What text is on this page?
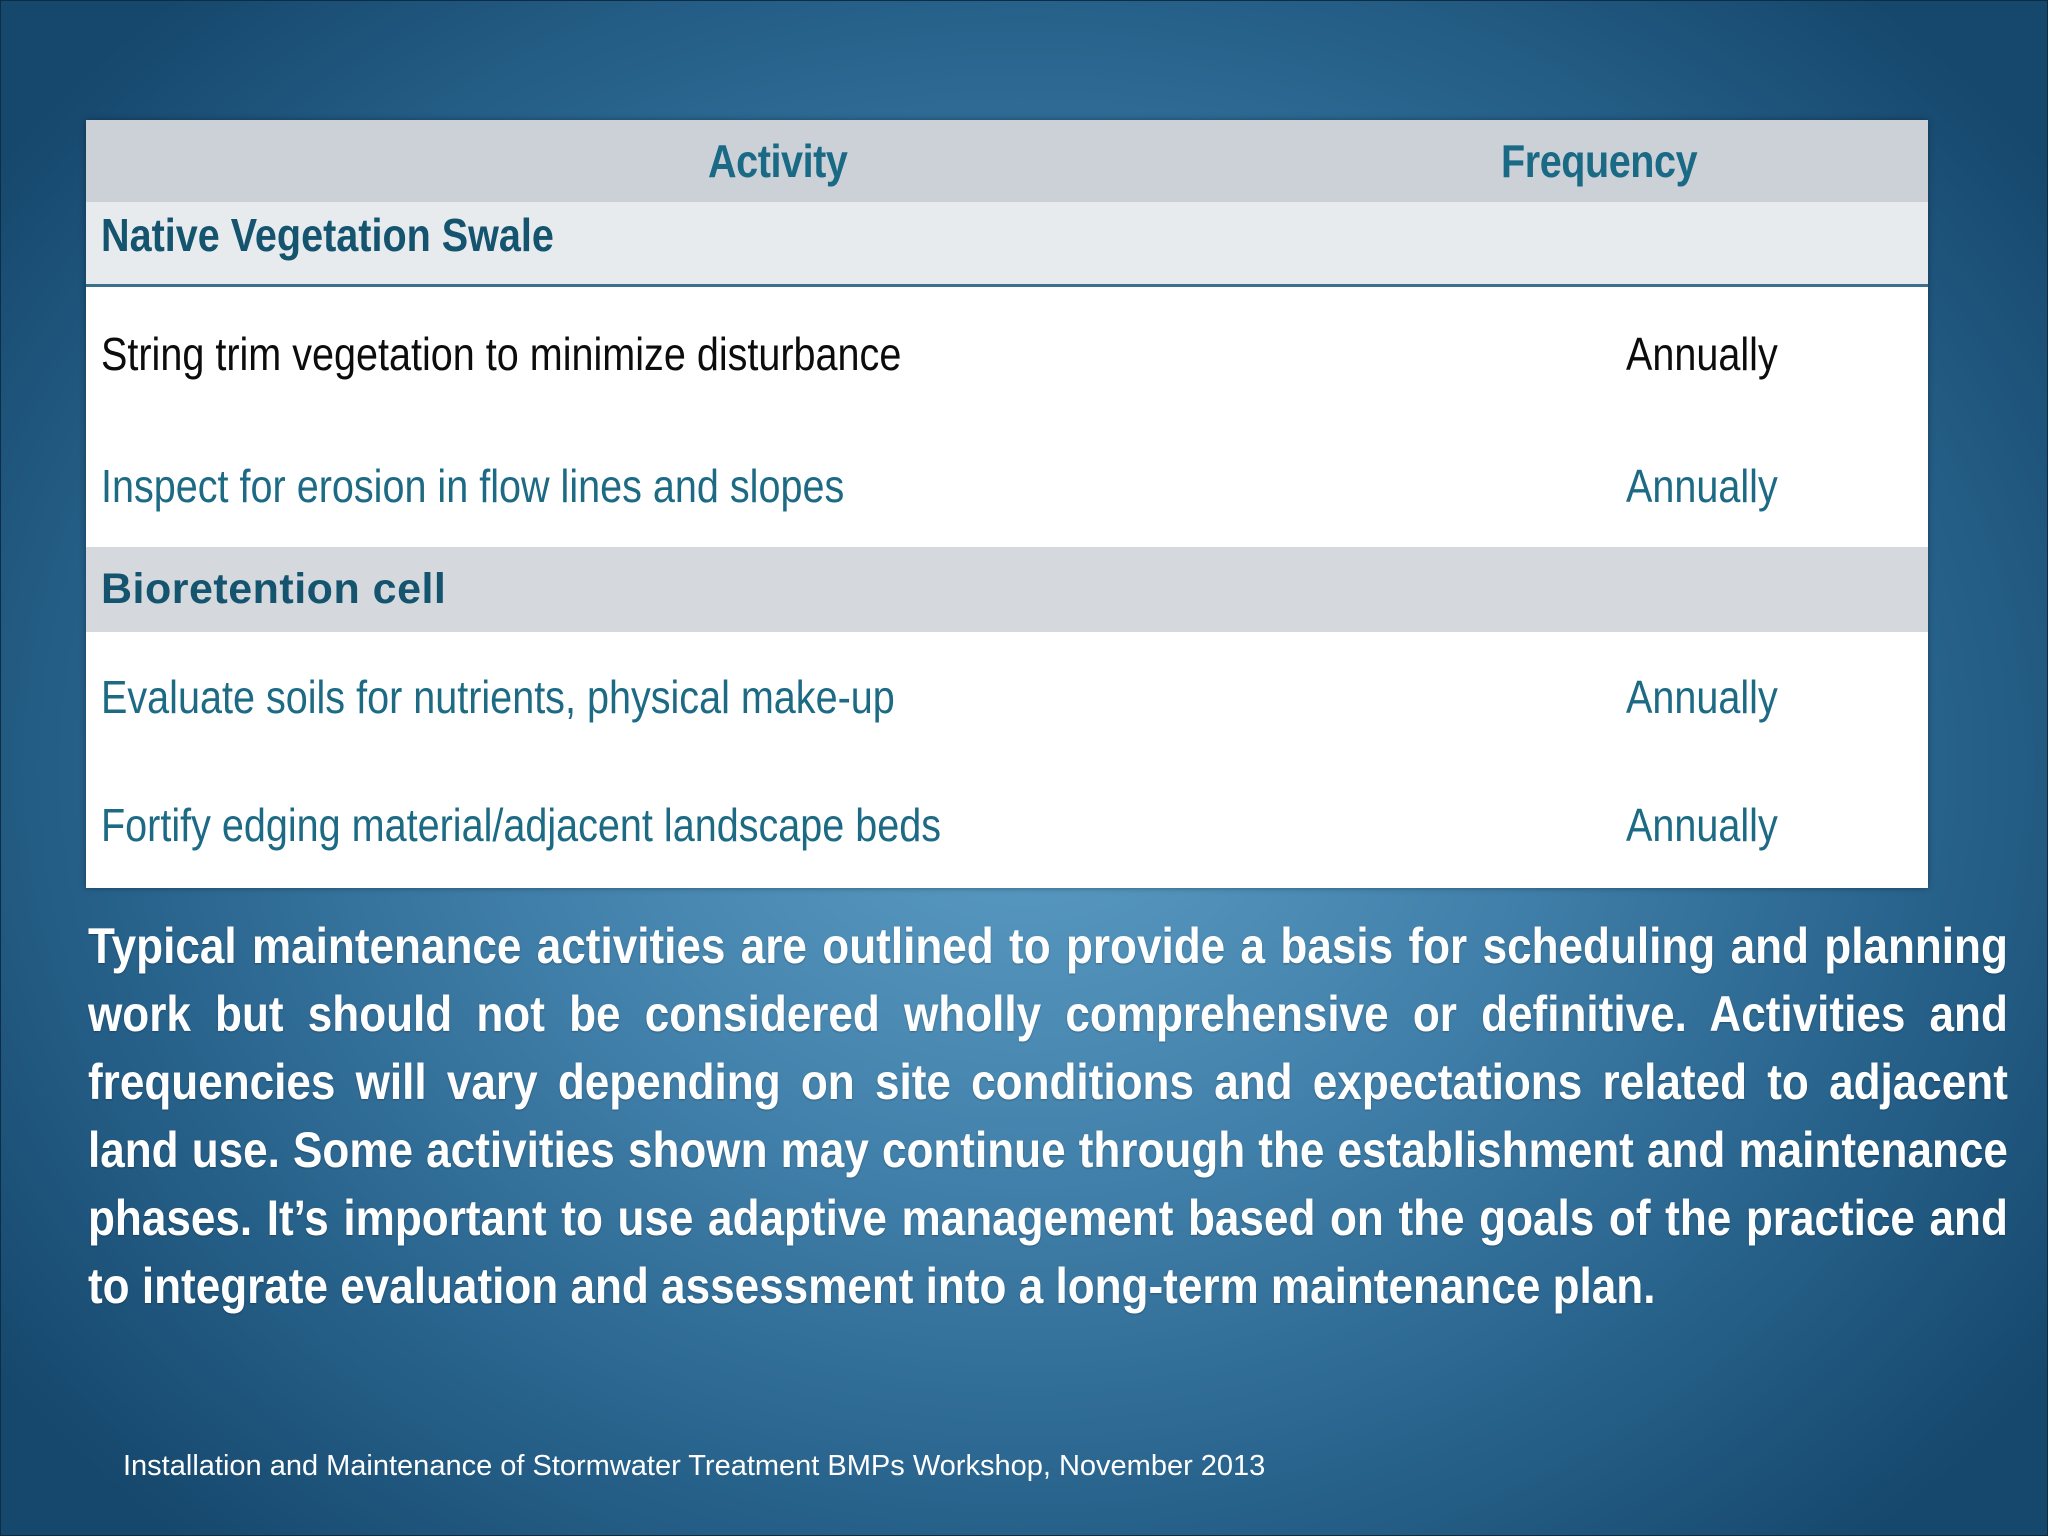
Activity	Frequency
Native Vegetation Swale
String trim vegetation to minimize disturbance	Annually
Inspect for erosion in flow lines and slopes	Annually
Bioretention cell
Evaluate soils for nutrients, physical make-up	Annually
Fortify edging material/adjacent landscape beds	Annually

Typical maintenance activities are outlined to provide a basis for scheduling and planning work but should not be considered wholly comprehensive or definitive. Activities and frequencies will vary depending on site conditions and expectations related to adjacent land use. Some activities shown may continue through the establishment and maintenance phases. It’s important to use adaptive management based on the goals of the practice and to integrate evaluation and assessment into a long-term maintenance plan.

Installation and Maintenance of Stormwater Treatment BMPs Workshop, November 2013
